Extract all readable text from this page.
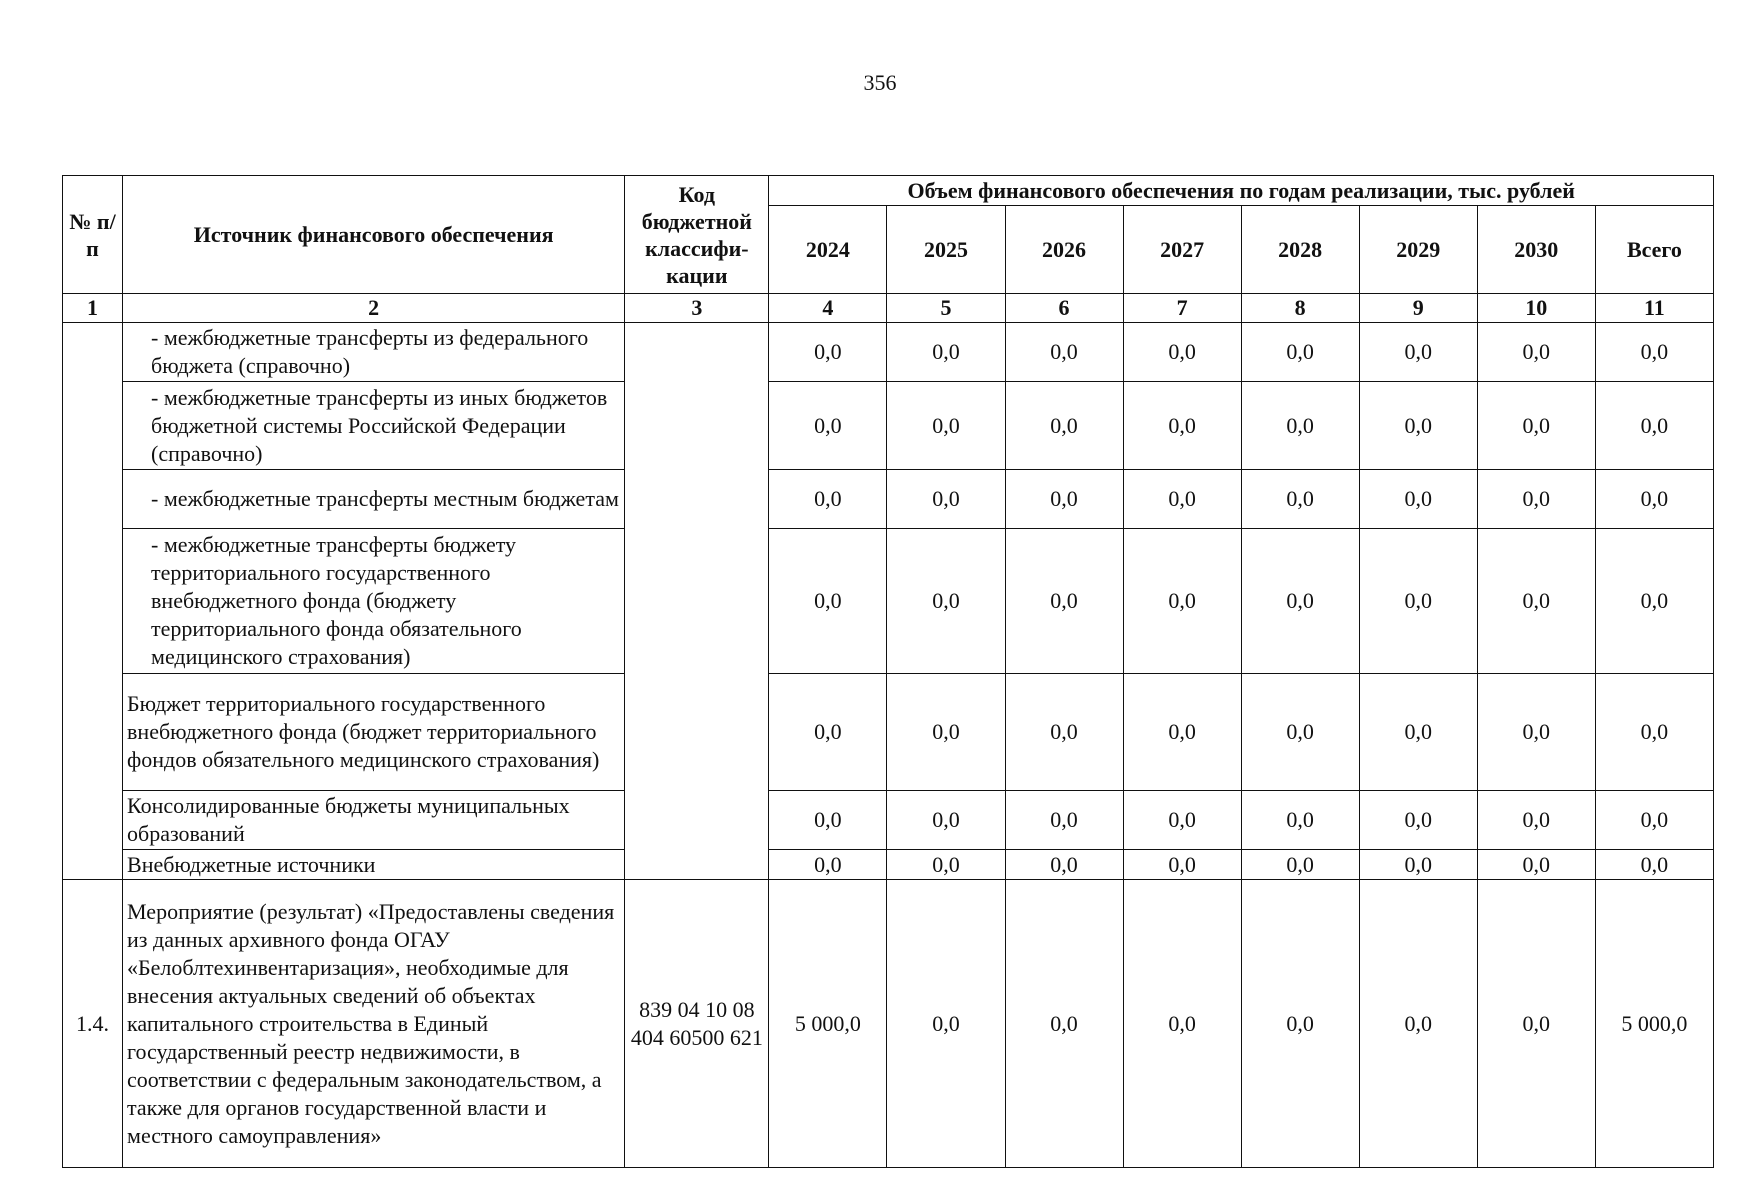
356
№ п/п	Источник финансового обеспечения	Код бюджетной классифи-кации	Объем финансового обеспечения по годам реализации, тыс. рублей							
			2024	2025	2026	2027	2028	2029	2030	Всего
1	2	3	4	5	6	7	8	9	10	11
	- межбюджетные трансферты из федерального бюджета (справочно)		0,0	0,0	0,0	0,0	0,0	0,0	0,0	0,0
	- межбюджетные трансферты из иных бюджетов бюджетной системы Российской Федерации (справочно)		0,0	0,0	0,0	0,0	0,0	0,0	0,0	0,0
	- межбюджетные трансферты местным бюджетам		0,0	0,0	0,0	0,0	0,0	0,0	0,0	0,0
	- межбюджетные трансферты бюджету территориального государственного внебюджетного фонда (бюджету территориального фонда обязательного медицинского страхования)		0,0	0,0	0,0	0,0	0,0	0,0	0,0	0,0
	Бюджет территориального государственного внебюджетного фонда (бюджет территориального фондов обязательного медицинского страхования)		0,0	0,0	0,0	0,0	0,0	0,0	0,0	0,0
	Консолидированные бюджеты муниципальных образований		0,0	0,0	0,0	0,0	0,0	0,0	0,0	0,0
	Внебюджетные источники		0,0	0,0	0,0	0,0	0,0	0,0	0,0	0,0
1.4.	Мероприятие (результат) «Предоставлены сведения из данных архивного фонда ОГАУ «Белоблтехинвентаризация», необходимые для внесения актуальных сведений об объектах капитального строительства в Единый государственный реестр недвижимости, в соответствии с федеральным законодательством, а также для органов государственной власти и местного самоуправления»	839 04 10 08 404 60500 621	5 000,0	0,0	0,0	0,0	0,0	0,0	0,0	5 000,0
